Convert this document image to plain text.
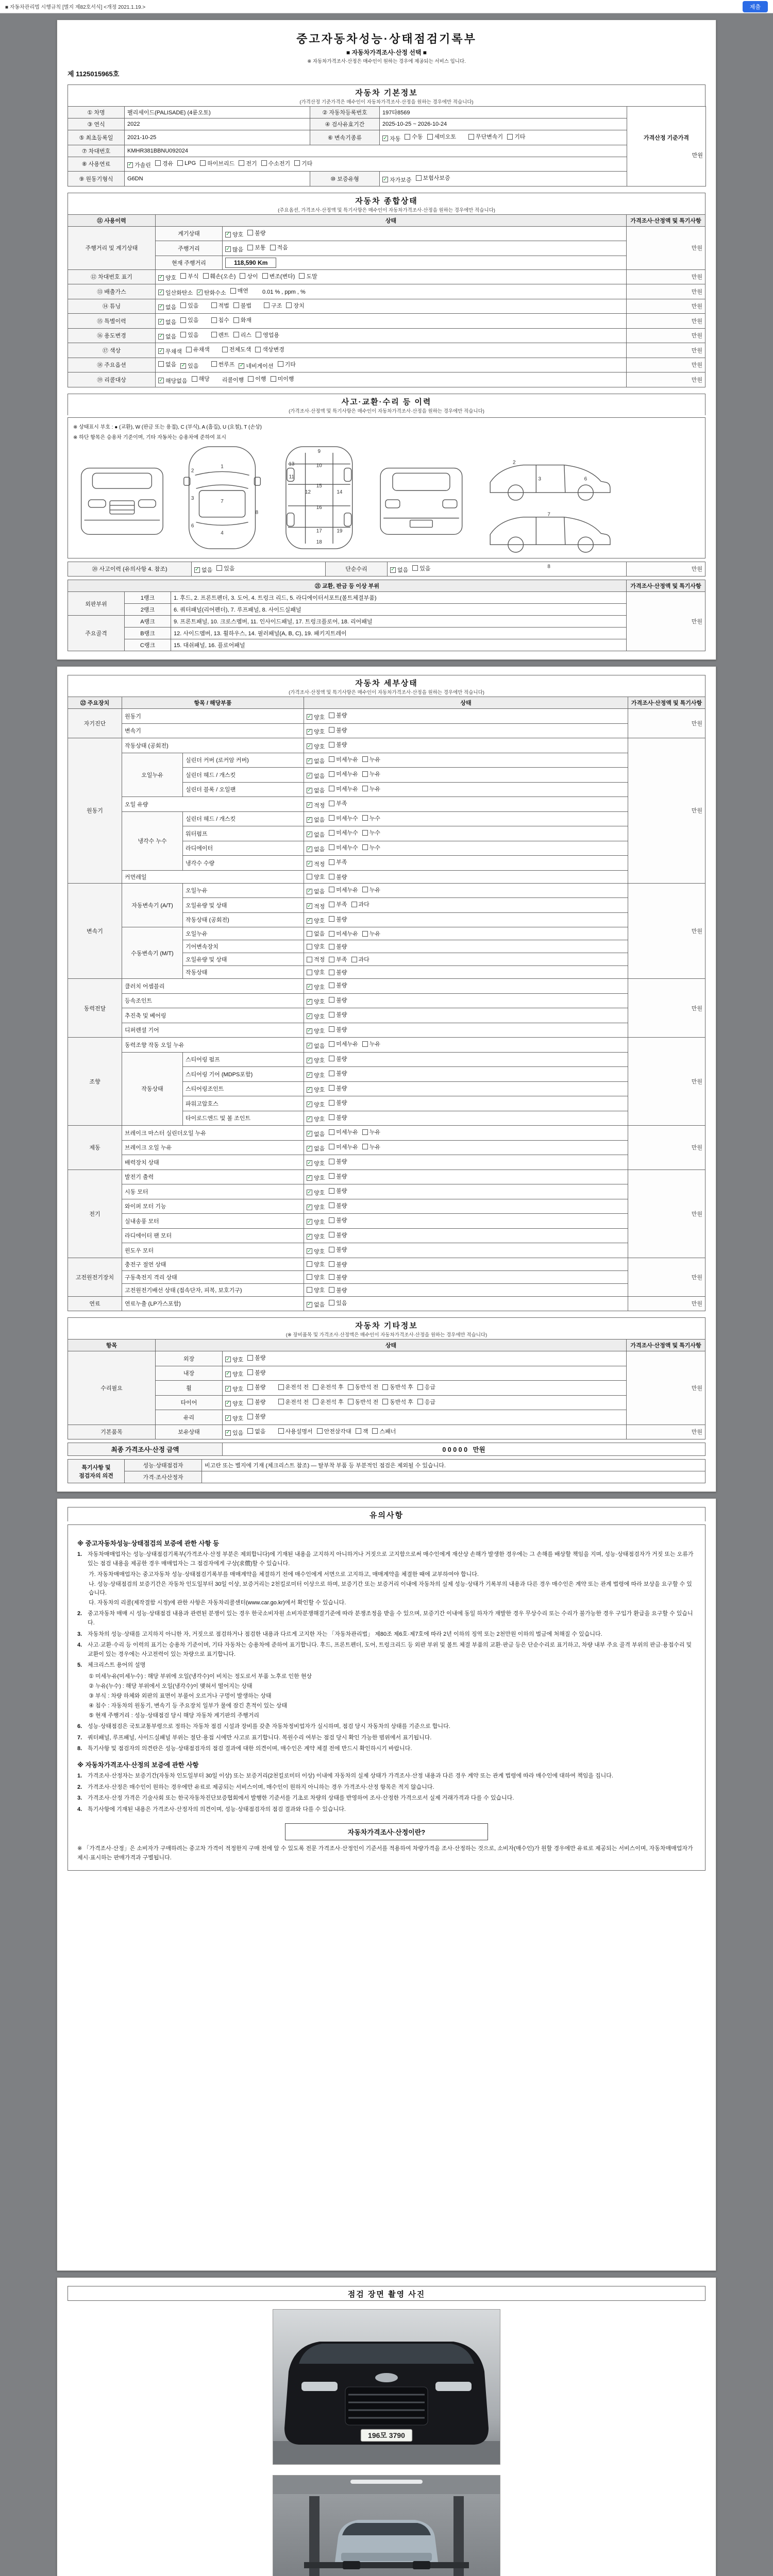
■ 자동차관리법 시행규칙 [별지 제82호서식] <개정 2021.1.19.>	제출
중고자동차성능·상태점검기록부
■ 자동차가격조사·산정 선택 ■
※ 자동차가격조사·산정은 매수인이 원하는 경우에 제공되는 서비스 입니다.
제 1125015965호
자동차 기본정보
(가격산정 기준가격은 매수인이 자동차가격조사·산정을 원하는 경우에만 적습니다)
① 차명	팰리세이드(PALISADE) (4륜오토)	② 자동차등록번호	197타8569	가격산정 기준가격
만원

③ 연식	2022	④ 검사유효기간	2025-10-25 ~ 2026-10-24	
⑤ 최초등록일	2021-10-25	⑥ 변속기종류	✓ 자동 수동 세미오토	무단변속기 기타

⑦ 차대번호	KMHR381BBNU092024			
⑧ 사용연료	✓ 가솔린 경유 LPG 하이브리드 전기 수소전기 기타

⑨ 원동기형식	G6DN	⑩ 보증유형	✓ 자가보증 보험사보증	
자동차 종합상태
(주요옵션, 가격조사·산정액 및 특기사항은 매수인이 자동차가격조사·산정을 원하는 경우에만 적습니다)
⑪ 사용이력	상태		가격조사·산정액 및 특기사항
주행거리 및 계기상태	계기상태	✓ 양호 불량	만원
	주행거리	✓ 많음 보통 적음	

	현재 주행거리	118,590 Km	
⑫ 차대번호 표기	✓ 양호 부식 훼손(오손) 상이 변조(변타) 도말	만원
⑬ 배출가스	✓ 일산화탄소 ✓ 탄화수소 매연 0.01 % , ppm , %	만원
⑭ 튜닝	✓ 없음 있음	적법 불법	구조 장치	만원
⑮ 특별이력	✓ 없음 있음 침수 화재		만원
⑯ 용도변경	✓ 없음 있음	렌트 리스 영업용	만원
⑰ 색상	✓ 무채색 유채색 전체도색 색상변경		만원
⑱ 주요옵션	없음 ✓ 있음	썬루프 ✓ 네비게이션 기타	만원
⑲ 리콜대상	✓ 해당없음 해당 리콜이행 이행 미이행	만원
사고·교환·수리 등 이력
(가격조사·산정액 및 특기사항은 매수인이 자동차가격조사·산정을 원하는 경우에만 적습니다)
※ 상태표시 부호 : ● (교환), W (판금 또는 용접), C (부식), A (흠집), U (요철), T (손상)
※ 하단 항목은 승용차 기준이며, 기타 자동차는 승용차에 준하여 표시
1
7
4
2
3
6
8
9
10
11
12
13
15
16
17
18
14
19
2
3	6
7
8
⑳ 사고이력 (유의사항 4. 참조)	✓ 없음 있음	단순수리	✓ 없음 있음	만원
㉑ 교환, 판금 등 이상 부위			가격조사·산정액 및 특기사항
외판부위	1랭크	1. 후드, 2. 프론트펜더, 3. 도어, 4. 트렁크 리드, 5. 라디에이터서포트(볼트체결부품)	만원
	2랭크	6. 쿼터패널(리어펜더), 7. 루프패널, 8. 사이드실패널	
주요골격	A랭크	9. 프론트패널, 10. 크로스멤버, 11. 인사이드패널, 17. 트렁크플로어, 18. 리어패널	
	B랭크	12. 사이드멤버, 13. 휠하우스, 14. 필러패널(A, B, C), 19. 패키지트레이	
	C랭크	15. 대쉬패널, 16. 플로어패널	
자동차 세부상태
(가격조사·산정액 및 특기사항은 매수인이 자동차가격조사·산정을 원하는 경우에만 적습니다)
㉒ 주요장치	항목 / 해당부품		상태	가격조사·산정액 및 특기사항
자기진단	원동기		✓ 양호 불량	만원
	변속기		✓ 양호 불량	

원동기	작동상태 (공회전)		✓ 양호 불량	만원
	오일누유	실린더 커버 (로커암 커버)	✓ 없음 미세누유 누유	

		실린더 헤드 / 개스킷	✓ 없음 미세누유 누유	

		실린더 블록 / 오일팬	✓ 없음 미세누유 누유	

	오일 유량		✓ 적정 부족	

	냉각수 누수	실린더 헤드 / 개스킷	✓ 없음 미세누수 누수	

		워터펌프	✓ 없음 미세누수 누수	

		라디에이터	✓ 없음 미세누수 누수	

		냉각수 수량	✓ 적정 부족	

	커먼레일		양호 불량	

변속기	자동변속기 (A/T)	오일누유	✓ 없음 미세누유 누유	만원
		오일유량 및 상태	✓ 적정 부족 과다	

		작동상태 (공회전)	✓ 양호 불량	

	수동변속기 (M/T)	오일누유	없음 미세누유 누유	

		기어변속장치	양호 불량	

		오일유량 및 상태	적정 부족 과다	

		작동상태	양호 불량	

동력전달	클러치 어셈블리		✓ 양호 불량	만원
	등속조인트		✓ 양호 불량	

	추진축 및 베어링		✓ 양호 불량	

	디퍼렌셜 기어		✓ 양호 불량	

조향	동력조향 작동 오일 누유		✓ 없음 미세누유 누유	만원
	작동상태	스티어링 펌프	✓ 양호 불량	

		스티어링 기어 (MDPS포함)	✓ 양호 불량	

		스티어링조인트	✓ 양호 불량	

		파워고압호스	✓ 양호 불량	

		타이로드엔드 및 볼 조인트	✓ 양호 불량	

제동	브레이크 마스터 실린더오일 누유		✓ 없음 미세누유 누유	만원
	브레이크 오일 누유		✓ 없음 미세누유 누유	

	배력장치 상태		✓ 양호 불량	

전기	발전기 출력		✓ 양호 불량	만원
	시동 모터		✓ 양호 불량	

	와이퍼 모터 기능		✓ 양호 불량	

	실내송풍 모터		✓ 양호 불량	

	라디에이터 팬 모터		✓ 양호 불량	

	윈도우 모터		✓ 양호 불량	

고전원전기장치	충전구 절연 상태		양호 불량	만원
	구동축전지 격리 상태		양호 불량	

	고전원전기배선 상태 (접속단자, 피복, 보호기구)		양호 불량	

연료	연료누출 (LP가스포함)		✓ 없음 있음	만원
자동차 기타정보
(※ 장비품목 및 가격조사·산정액은 매수인이 자동차가격조사·산정을 원하는 경우에만 적습니다)
항목	상태		가격조사·산정액 및 특기사항
수리필요	외장	✓ 양호 불량	만원
	내장	✓ 양호 불량	

휠	✓ 양호 불량	운전석 전 운전석 후 동반석 전 동반석 후 응급

타이어	✓ 양호 불량	운전석 전 운전석 후 동반석 전 동반석 후 응급

	유리	✓ 양호 불량	

기본품목	보유상태	✓ 있음 없음	사용설명서 안전삼각대 잭 스패너	만원
최종 가격조사·산정 금액	0 0 0 0 0 만원
특기사항 및 점검자의 의견	성능·상태점검자	비고란 또는 별지에 기재 (체크리스트 참조) — 탈부착 부품 등 부분적인 점검은 제외될 수 있습니다.
	가격·조사산정자	
유의사항
※ 중고자동차성능·상태점검의 보증에 관한 사항 등
1. 자동차매매업자는 성능·상태점검기록부(가격조사·산정 부분은 제외합니다)에 기재된 내용을 고지하지 아니하거나 거짓으로 고지함으로써 매수인에게 재산상 손해가 발생한 경우에는 그 손해를 배상할 책임을 지며, 성능·상태점검자가 거짓 또는 오류가 있는 점검 내용을 제공한 경우 매매업자는 그 점검자에게 구상(求償)할 수 있습니다.
가. 자동차매매업자는 중고자동차 성능·상태점검기록부를 매매계약을 체결하기 전에 매수인에게 서면으로 고지하고, 매매계약을 체결한 때에 교부하여야 합니다.
나. 성능·상태점검의 보증기간은 자동차 인도일부터 30일 이상, 보증거리는 2천킬로미터 이상으로 하며, 보증기간 또는 보증거리 이내에 자동차의 실제 성능·상태가 기록부의 내용과 다른 경우 매수인은 계약 또는 관계 법령에 따라 보상을 요구할 수 있습니다.
다. 자동차의 리콜(제작결함 시정)에 관한 사항은 자동차리콜센터(www.car.go.kr)에서 확인할 수 있습니다.
2. 중고자동차 매매 시 성능·상태점검 내용과 관련된 분쟁이 있는 경우 한국소비자원 소비자분쟁해결기준에 따라 분쟁조정을 받을 수 있으며, 보증기간 이내에 동일 하자가 재발한 경우 무상수리 또는 수리가 불가능한 경우 구입가 환급을 요구할 수 있습니다.
3. 자동차의 성능·상태를 고지하지 아니한 자, 거짓으로 점검하거나 점검한 내용과 다르게 고지한 자는 「자동차관리법」 제80조 제6호·제7호에 따라 2년 이하의 징역 또는 2천만원 이하의 벌금에 처해질 수 있습니다.
4. 사고·교환·수리 등 이력의 표기는 승용차 기준이며, 기타 자동차는 승용차에 준하여 표기합니다. 후드, 프론트펜더, 도어, 트렁크리드 등 외판 부위 및 볼트 체결 부품의 교환·판금 등은 단순수리로 표기하고, 차량 내부 주요 골격 부위의 판금·용접수리 및 교환이 있는 경우에는 사고전력이 있는 차량으로 표기합니다.
5. 체크리스트 용어의 설명
① 미세누유(미세누수) : 해당 부위에 오일(냉각수)이 비치는 정도로서 부품 노후로 인한 현상
② 누유(누수) : 해당 부위에서 오일(냉각수)이 맺혀서 떨어지는 상태
③ 부식 : 차량 하체와 외판의 표면이 부풀어 오르거나 구멍이 발생하는 상태
④ 침수 : 자동차의 원동기, 변속기 등 주요장치 일부가 물에 잠긴 흔적이 있는 상태
⑤ 현재 주행거리 : 성능·상태점검 당시 해당 자동차 계기판의 주행거리
6. 성능·상태점검은 국토교통부령으로 정하는 자동차 점검 시설과 장비를 갖춘 자동차정비업자가 실시하며, 점검 당시 자동차의 상태를 기준으로 합니다.
7. 쿼터패널, 루프패널, 사이드실패널 부위는 절단·용접 시에만 사고로 표기합니다. 복원수리 여부는 점검 당시 확인 가능한 범위에서 표기됩니다.
8. 특기사항 및 점검자의 의견란은 성능·상태점검자의 점검 결과에 대한 의견이며, 매수인은 계약 체결 전에 반드시 확인하시기 바랍니다.
※ 자동차가격조사·산정의 보증에 관한 사항
1. 가격조사·산정자는 보증기간(자동차 인도일부터 30일 이상) 또는 보증거리(2천킬로미터 이상) 이내에 자동차의 실제 상태가 가격조사·산정 내용과 다른 경우 계약 또는 관계 법령에 따라 매수인에 대하여 책임을 집니다.
2. 가격조사·산정은 매수인이 원하는 경우에만 유료로 제공되는 서비스이며, 매수인이 원하지 아니하는 경우 가격조사·산정 항목은 적지 않습니다.
3. 가격조사·산정 가격은 기술사회 또는 한국자동차진단보증협회에서 발행한 기준서를 기초로 차량의 상태를 반영하여 조사·산정한 가격으로서 실제 거래가격과 다를 수 있습니다.
4. 특기사항에 기재된 내용은 가격조사·산정자의 의견이며, 성능·상태점검자의 점검 결과와 다를 수 있습니다.
자동차가격조사·산정이란?
※ 「가격조사·산정」은 소비자가 구매하려는 중고차 가격이 적정한지 구매 전에 알 수 있도록 전문 가격조사·산정인이 기준서를 적용하여 차량가격을 조사·산정하는 것으로, 소비자(매수인)가 원할 경우에만 유료로 제공되는 서비스이며, 자동차매매업자가 제시·표시하는 판매가격과 구별됩니다.
점검 장면 촬영 사진
196모 3790
